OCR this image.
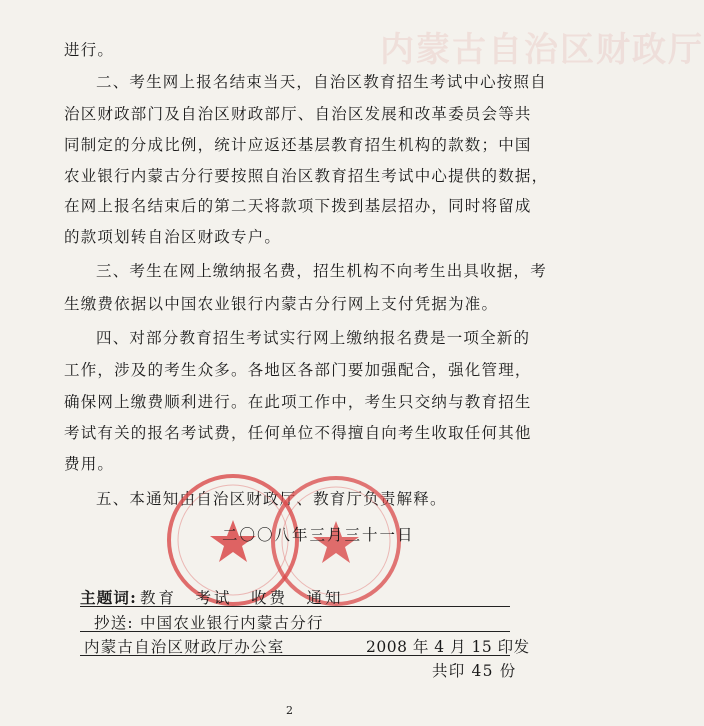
内蒙古自治区财政厅
进行。
二、考生网上报名结束当天，自治区教育招生考试中心按照自
治区财政部门及自治区财政部厅、自治区发展和改革委员会等共
同制定的分成比例，统计应返还基层教育招生机构的款数；中国
农业银行内蒙古分行要按照自治区教育招生考试中心提供的数据，
在网上报名结束后的第二天将款项下拨到基层招办，同时将留成
的款项划转自治区财政专户。
三、考生在网上缴纳报名费，招生机构不向考生出具收据，考
生缴费依据以中国农业银行内蒙古分行网上支付凭据为准。
四、对部分教育招生考试实行网上缴纳报名费是一项全新的
工作，涉及的考生众多。各地区各部门要加强配合，强化管理，
确保网上缴费顺利进行。在此项工作中，考生只交纳与教育招生
考试有关的报名考试费，任何单位不得擅自向考生收取任何其他
费用。
五、本通知由自治区财政厅、教育厅负责解释。
二〇〇八年三月三十一日
主题词: 教育　考试　收费　通知
抄送: 中国农业银行内蒙古分行
内蒙古自治区财政厅办公室	2008 年 4 月 15 印发
共印 45 份
2
